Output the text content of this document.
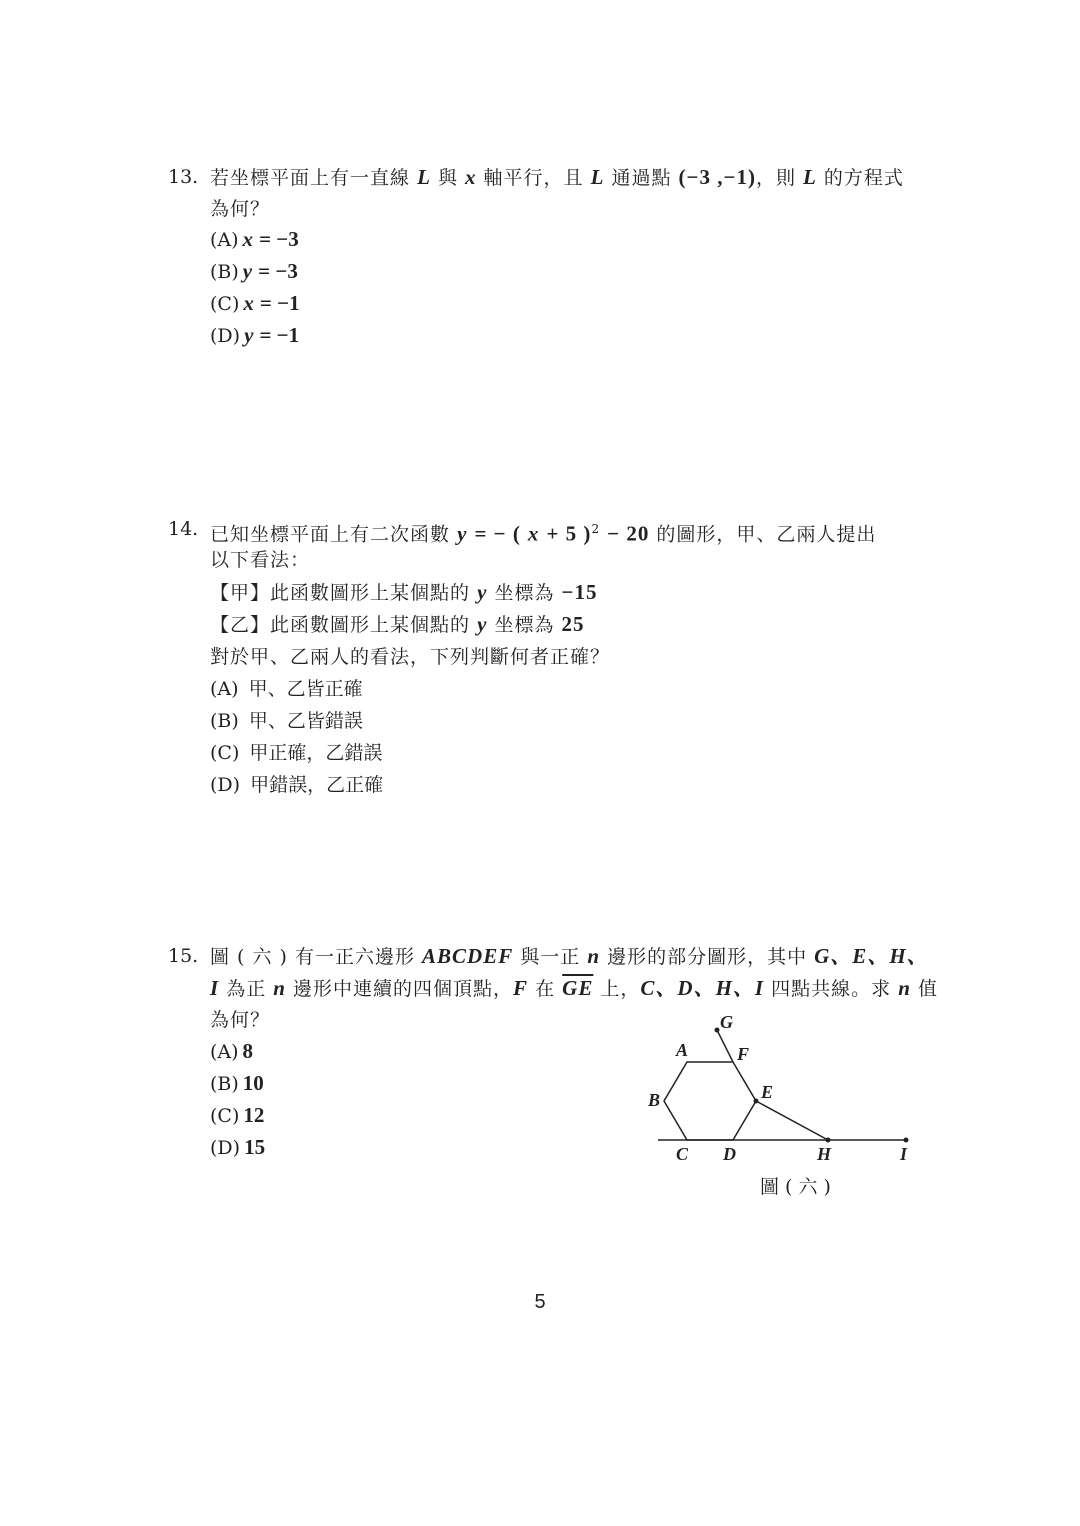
13. 若坐標平面上有一直線 L 與 x 軸平行，且 L 通過點 (−3 ,−1)，則 L 的方程式
為何？
(A) x = −3
(B) y = −3
(C) x = −1
(D) y = −1
14. 已知坐標平面上有二次函數 y = − ( x + 5 )$^2$ − 20 的圖形，甲、乙兩人提出
以下看法：
【甲】此函數圖形上某個點的 y 坐標為 −15
【乙】此函數圖形上某個點的 y 坐標為 25
對於甲、乙兩人的看法，下列判斷何者正確？
(A) 甲、乙皆正確
(B) 甲、乙皆錯誤
(C) 甲正確，乙錯誤
(D) 甲錯誤，乙正確
15. 圖 ( 六 ) 有一正六邊形 ABCDEF 與一正 n 邊形的部分圖形，其中 G、E、H、
I 為正 n 邊形中連續的四個頂點，F 在 $\overline{GE}$ 上，C、D、H、I 四點共線。求 n 值
為何？
(A) 8
(B) 10
(C) 12
(D) 15
G
A	F
B	E
C D	H	I
圖 ( 六 )
5
